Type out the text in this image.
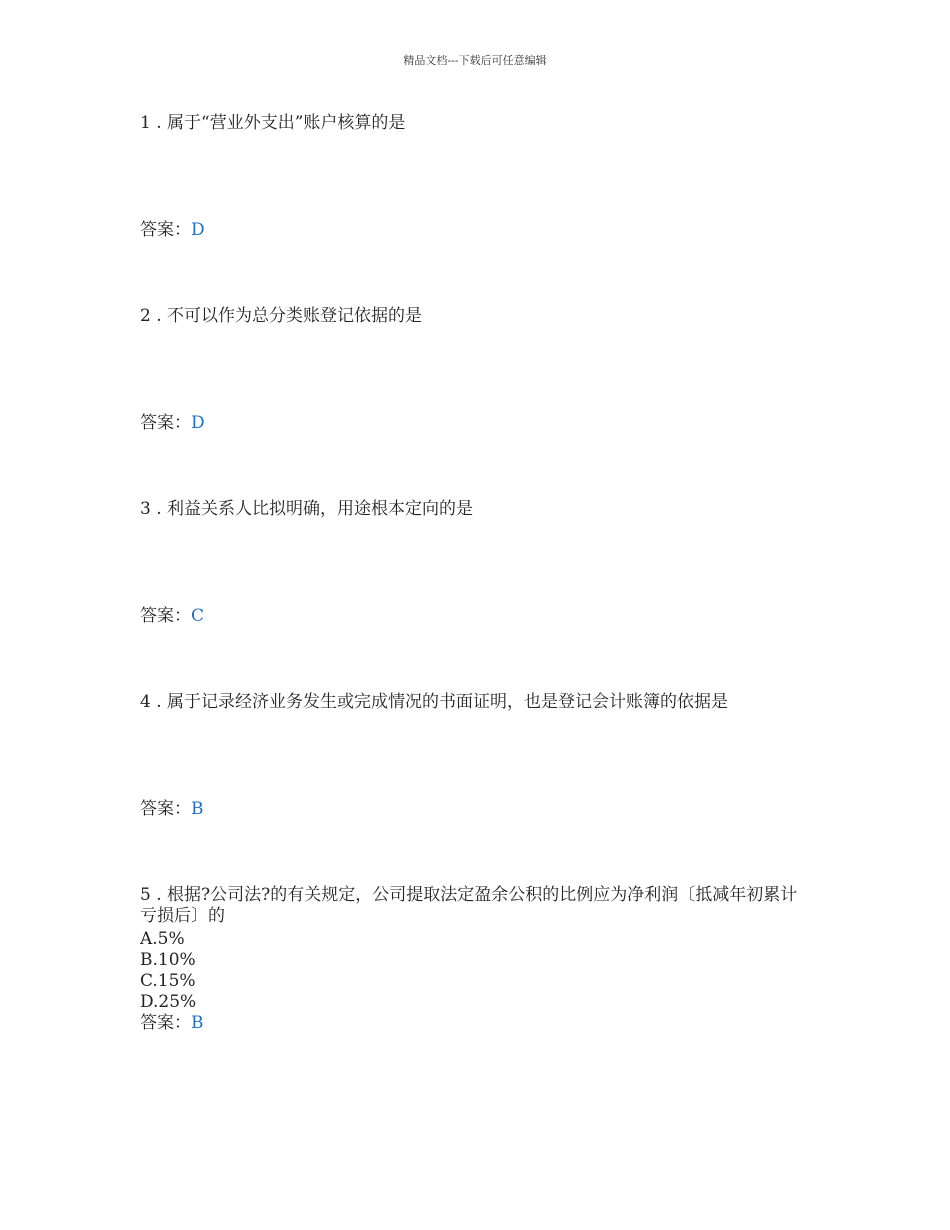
精品文档---下载后可任意编辑
1 . 属于“营业外支出”账户核算的是
答案：D
2 . 不可以作为总分类账登记依据的是
答案：D
3 . 利益关系人比拟明确，用途根本定向的是
答案：C
4 . 属于记录经济业务发生或完成情况的书面证明，也是登记会计账簿的依据是
答案：B
5 . 根据?公司法?的有关规定，公司提取法定盈余公积的比例应为净利润〔抵减年初累计亏损后〕的
A.5%
B.10%
C.15%
D.25%
答案：B
